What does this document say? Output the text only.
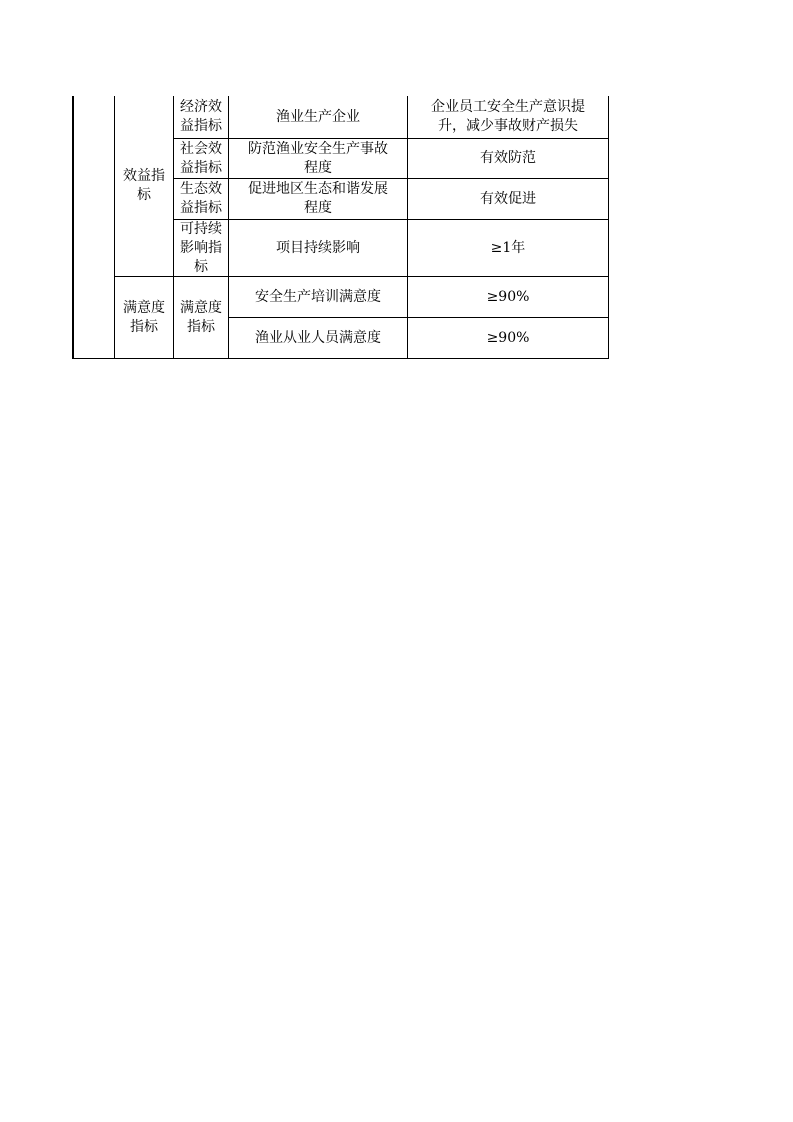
效益指
标
满意度
指标
经济效
益指标
社会效
益指标
生态效
益指标
可持续
影响指
标
满意度
指标
渔业生产企业
防范渔业安全生产事故
程度
促进地区生态和谐发展
程度
项目持续影响
安全生产培训满意度
渔业从业人员满意度
企业员工安全生产意识提
升，减少事故财产损失
有效防范
有效促进
≥1年
≥90%
≥90%
